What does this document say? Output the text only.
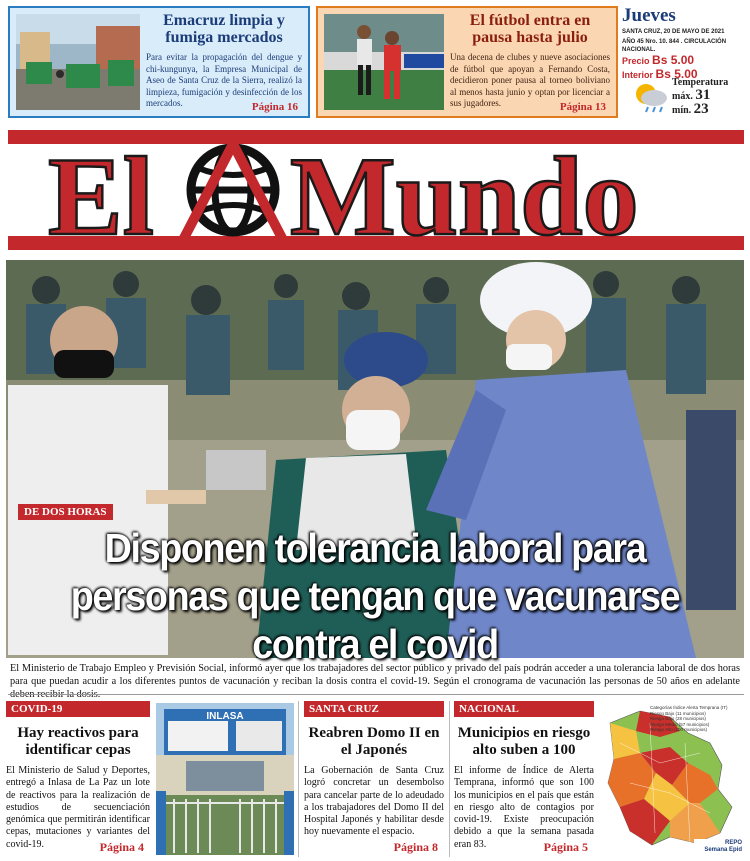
Emacruz limpia y fumiga mercados

Para evitar la propagación del dengue y chi-kungunya, la Empresa Municipal de Aseo de Santa Cruz de la Sierra, realizó la limpieza, fumigación y desinfección de los mercados.	Página 16
El fútbol entra en pausa hasta julio

Una decena de clubes y nueve asociaciones de fútbol que apoyan a Fernando Costa, decidieron poner pausa al torneo boliviano al menos hasta junio y optan por licenciar a sus jugadores.	Página 13
Jueves
SANTA CRUZ, 20 DE MAYO DE 2021
AÑO 45 Nro. 10. 844 . CIRCULACIÓN NACIONAL.
Precio Bs 5.00
Interior Bs 5.00
Temperatura
máx. 31
mín. 23
El Mundo
DE DOS HORAS
Disponen tolerancia laboral para personas que tengan que vacunarse contra el covid

El Ministerio de Trabajo Empleo y Previsión Social, informó ayer que los trabajadores del sector público y privado del país podrán acceder a una tolerancia laboral de dos horas para que puedan acudir a los diferentes puntos de vacunación y reciban la dosis contra el covid-19. Según el cronograma de vacunación las personas de 50 años en adelante

COVID-19
Hay reactivos para identificar cepas

El Ministerio de Salud y Deportes, entregó a Inlasa de La Paz un lote de reactivos para la realización de estudios de secuenciación genómica que permitirán identificar cepas, mutaciones y variantes del covid-19.	Página 4
INLASA
SANTA CRUZ
Reabren Domo II en el Japonés

La Gobernación de Santa Cruz logró concretar un desembolso para cancelar parte de lo adeudado a los trabajadores del Domo II del Hospital Japonés y habilitar desde hoy nuevamente el espacio.

Página 8
NACIONAL
Municipios en riesgo alto suben a 100

El informe de Índice de Alerta Temprana, informó que son 100 los municipios en el país que están en riesgo alto de contagios por covid-19. Existe preocupación debido a que la semana pasada eran 83.	Página 5
Categorías Índice Alerta Temprana (IT)
Riesgo Bajo (11 municipios)
Riesgo Bajo (28 municipios)
Riesgo Medio (57 municipios)
Riesgo Alto (100 municipios)
REPO
Semana Epid
